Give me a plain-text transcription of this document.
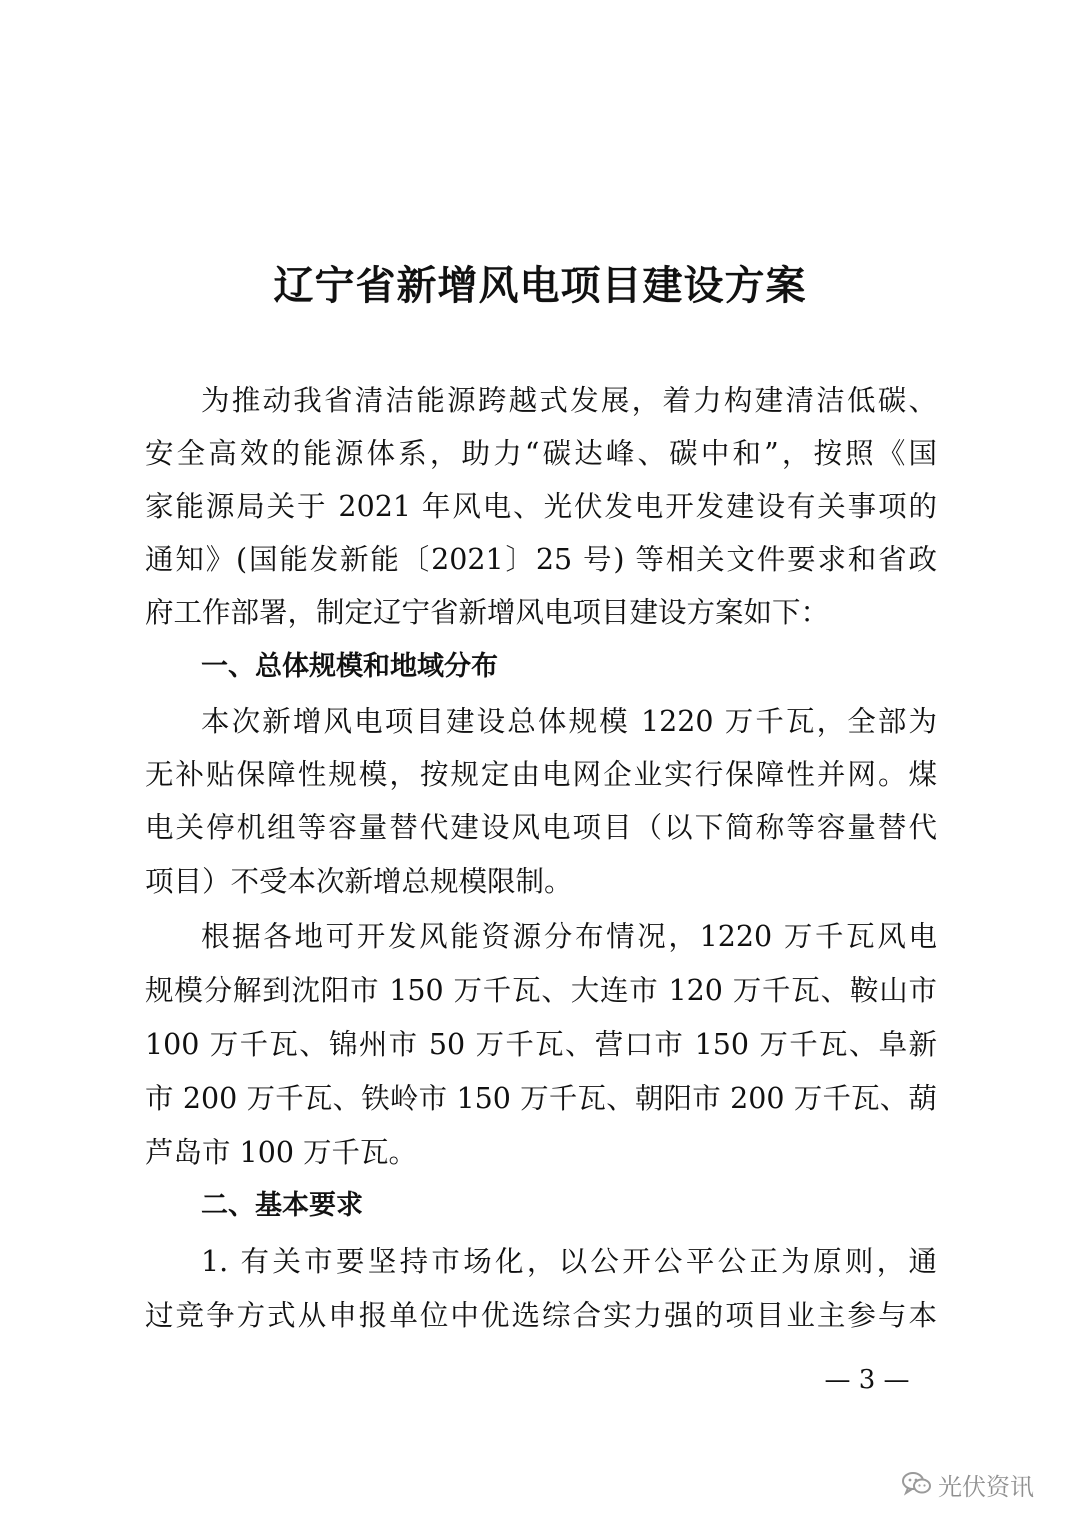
辽宁省新增风电项目建设方案
为推动我省清洁能源跨越式发展，着力构建清洁低碳、
安全高效的能源体系，助力“碳达峰、碳中和”，按照《国
家能源局关于 2021 年风电、光伏发电开发建设有关事项的
通知》(国能发新能〔2021〕25 号) 等相关文件要求和省政
府工作部署，制定辽宁省新增风电项目建设方案如下：
一、总体规模和地域分布
本次新增风电项目建设总体规模 1220 万千瓦，全部为
无补贴保障性规模，按规定由电网企业实行保障性并网。煤
电关停机组等容量替代建设风电项目（以下简称等容量替代
项目）不受本次新增总规模限制。
根据各地可开发风能资源分布情况，1220 万千瓦风电
规模分解到沈阳市 150 万千瓦、大连市 120 万千瓦、鞍山市
100 万千瓦、锦州市 50 万千瓦、营口市 150 万千瓦、阜新
市 200 万千瓦、铁岭市 150 万千瓦、朝阳市 200 万千瓦、葫
芦岛市 100 万千瓦。
二、基本要求
1. 有关市要坚持市场化，以公开公平公正为原则，通
过竞争方式从申报单位中优选综合实力强的项目业主参与本
— 3 —
光伏资讯
